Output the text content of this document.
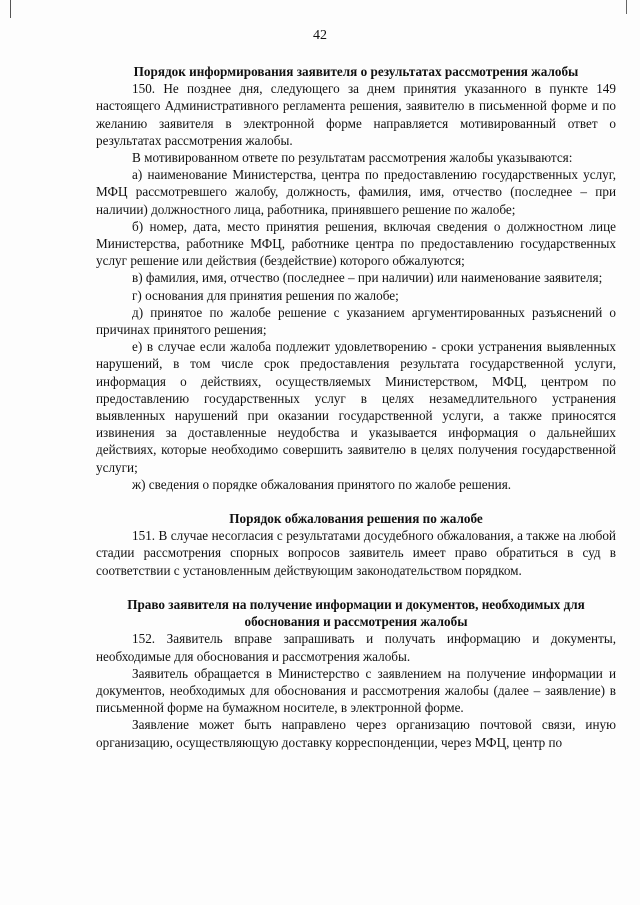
42

Порядок информирования заявителя о результатах рассмотрения жалобы

150. Не позднее дня, следующего за днем принятия указанного в пункте 149 настоящего Административного регламента решения, заявителю в письменной форме и по желанию заявителя в электронной форме направляется мотивированный ответ о результатах рассмотрения жалобы.

В мотивированном ответе по результатам рассмотрения жалобы указываются:

а) наименование Министерства, центра по предоставлению государственных услуг, МФЦ рассмотревшего жалобу, должность, фамилия, имя, отчество (последнее – при наличии) должностного лица, работника, принявшего решение по жалобе;

б) номер, дата, место принятия решения, включая сведения о должностном лице Министерства, работнике МФЦ, работнике центра по предоставлению государственных услуг решение или действия (бездействие) которого обжалуются;

в) фамилия, имя, отчество (последнее – при наличии) или наименование заявителя;

г) основания для принятия решения по жалобе;

д) принятое по жалобе решение с указанием аргументированных разъяснений о причинах принятого решения;

е) в случае если жалоба подлежит удовлетворению - сроки устранения выявленных нарушений, в том числе срок предоставления результата государственной услуги, информация о действиях, осуществляемых Министерством, МФЦ, центром по предоставлению государственных услуг в целях незамедлительного устранения выявленных нарушений при оказании государственной услуги, а также приносятся извинения за доставленные неудобства и указывается информация о дальнейших действиях, которые необходимо совершить заявителю в целях получения государственной услуги;

ж) сведения о порядке обжалования принятого по жалобе решения.

Порядок обжалования решения по жалобе

151. В случае несогласия с результатами досудебного обжалования, а также на любой стадии рассмотрения спорных вопросов заявитель имеет право обратиться в суд в соответствии с установленным действующим законодательством порядком.

Право заявителя на получение информации и документов, необходимых для обоснования и рассмотрения жалобы

152. Заявитель вправе запрашивать и получать информацию и документы, необходимые для обоснования и рассмотрения жалобы.

Заявитель обращается в Министерство с заявлением на получение информации и документов, необходимых для обоснования и рассмотрения жалобы (далее – заявление) в письменной форме на бумажном носителе, в электронной форме.

Заявление может быть направлено через организацию почтовой связи, иную организацию, осуществляющую доставку корреспонденции, через МФЦ, центр по
